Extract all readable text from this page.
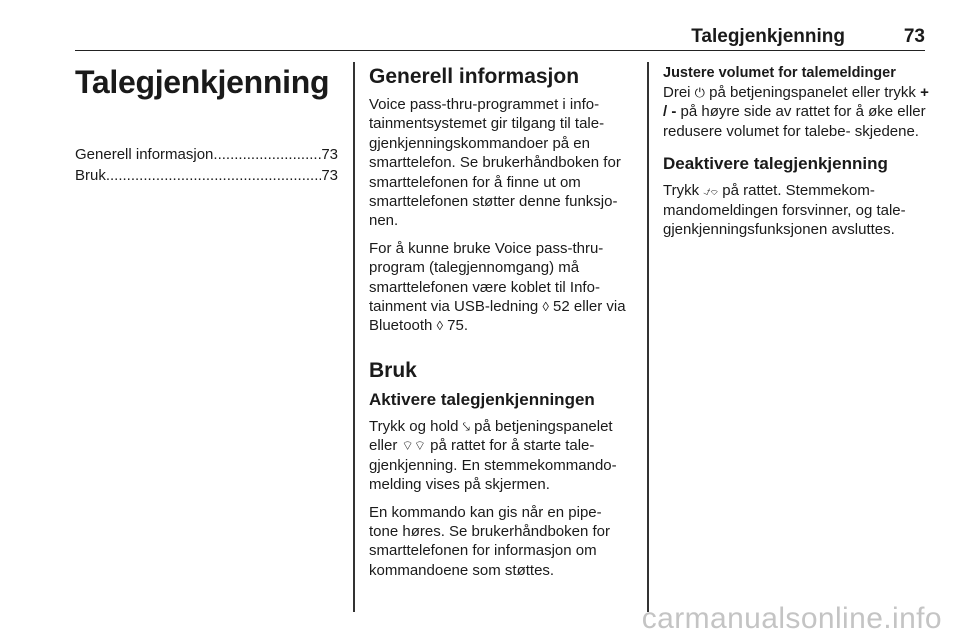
Talegjenkjenning	73
Talegjenkjenning
Generell informasjon .....	73
Bruk .....	73
Generell informasjon

Voice pass-thru-programmet i info- tainmentsystemet gir tilgang til tale- gjenkjenningskommandoer på en smarttelefon. Se brukerhåndboken for smarttelefonen for å finne ut om smarttelefonen støtter denne funksjo- nen.

For å kunne bruke Voice pass-thru- program (talegjennomgang) må smarttelefonen være koblet til Info- tainment via USB-ledning ◊ 52 eller via Bluetooth ◊ 75.

Bruk
Aktivere talegjenkjenningen

Trykk og hold ⤥ på betjeningspanelet eller ⌔⌔ på rattet for å starte tale- gjenkjenning. En stemmekommando- melding vises på skjermen.

En kommando kan gis når en pipe- tone høres. Se brukerhåndboken for smarttelefonen for informasjon om kommandoene som støttes.

Justere volumet for talemeldinger

Drei ⏻ på betjeningspanelet eller trykk + / - på høyre side av rattet for å øke eller redusere volumet for talebe- skjedene.

Deaktivere talegjenkjenning

Trykk ⍻⌔ på rattet. Stemmekom- mandomeldingen forsvinner, og tale- gjenkjenningsfunksjonen avsluttes.

carmanualsonline.info
